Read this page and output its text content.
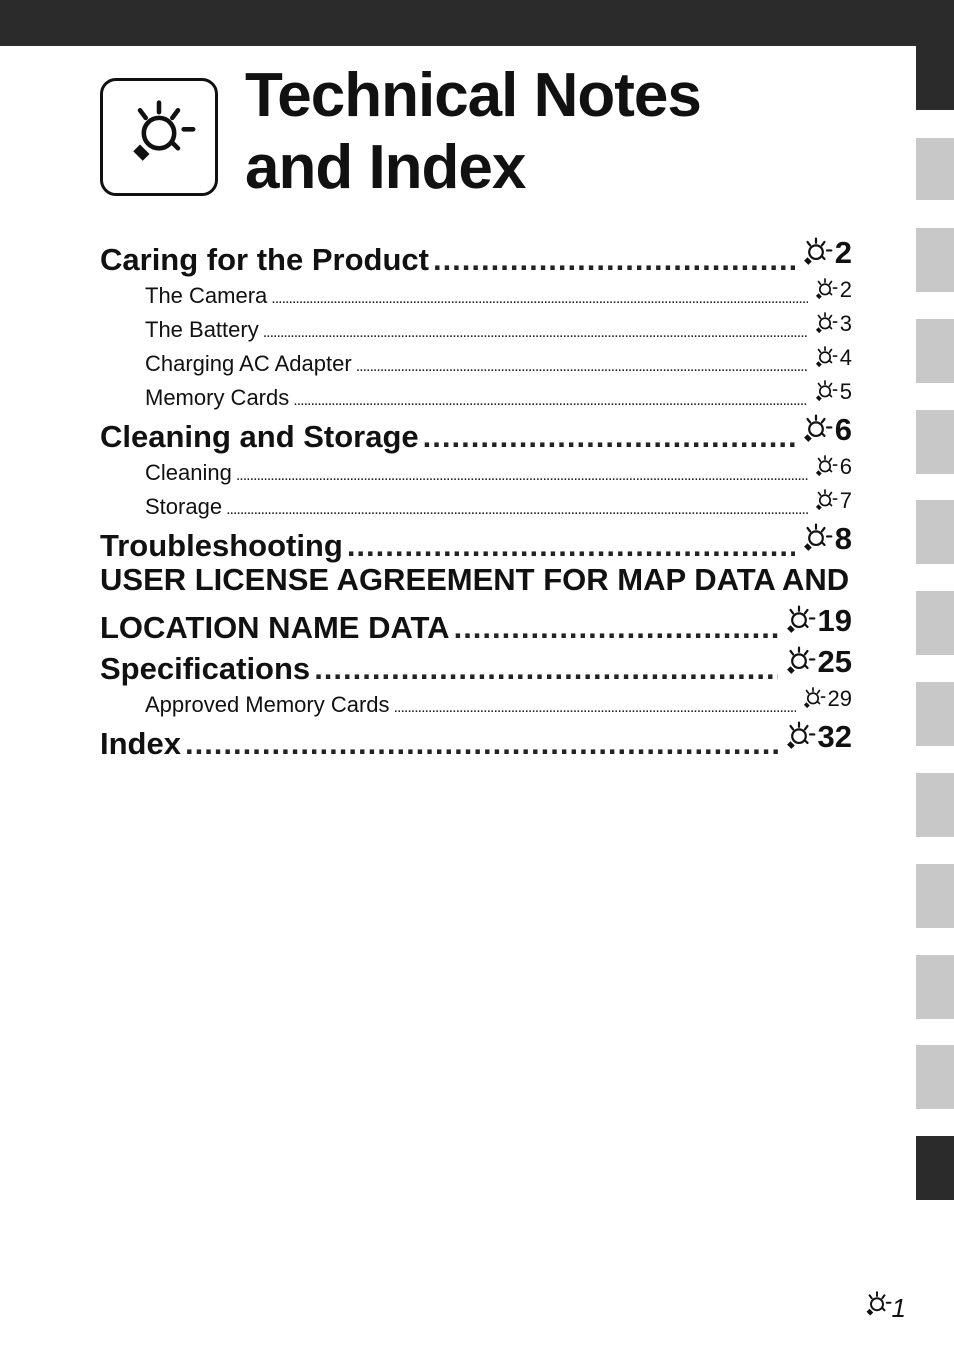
Technical Notes
and Index
Caring for the Product .....	2
The Camera .....	2
The Battery .....	3
Charging AC Adapter .....	4
Memory Cards .....	5
Cleaning and Storage .....	6
Cleaning .....	6
Storage .....	7
Troubleshooting .....	8
USER LICENSE AGREEMENT FOR MAP DATA AND
LOCATION NAME DATA .....	19
Specifications .....	25
Approved Memory Cards .....	29
Index .....	32
1
